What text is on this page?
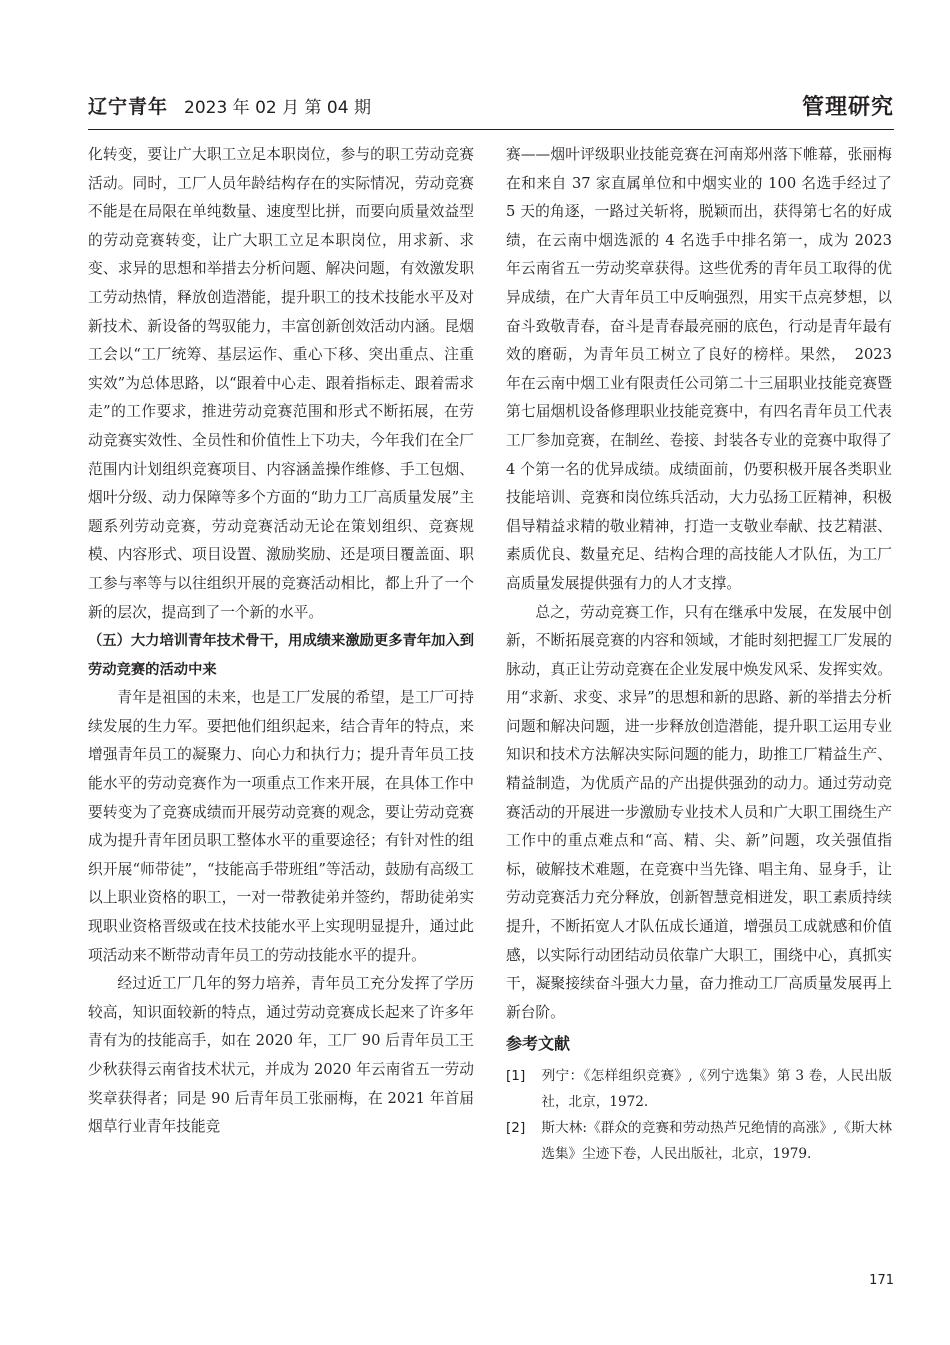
辽宁青年 2023 年 02 月 第 04 期	管理研究

化转变，要让广大职工立足本职岗位，参与的职工劳动竞赛活动。同时，工厂人员年龄结构存在的实际情况，劳动竞赛不能是在局限在单纯数量、速度型比拼，而要向质量效益型的劳动竞赛转变，让广大职工立足本职岗位，用求新、求变、求异的思想和举措去分析问题、解决问题，有效激发职工劳动热情，释放创造潜能，提升职工的技术技能水平及对新技术、新设备的驾驭能力，丰富创新创效活动内涵。昆烟工会以“工厂统筹、基层运作、重心下移、突出重点、注重实效”为总体思路，以“跟着中心走、跟着指标走、跟着需求走”的工作要求，推进劳动竞赛范围和形式不断拓展，在劳动竞赛实效性、全员性和价值性上下功夫，今年我们在全厂范围内计划组织竞赛项目、内容涵盖操作维修、手工包烟、烟叶分级、动力保障等多个方面的“助力工厂高质量发展”主题系列劳动竞赛，劳动竞赛活动无论在策划组织、竞赛规模、内容形式、项目设置、激励奖励、还是项目覆盖面、职工参与率等与以往组织开展的竞赛活动相比，都上升了一个新的层次，提高到了一个新的水平。

（五）大力培训青年技术骨干，用成绩来激励更多青年加入到劳动竞赛的活动中来

青年是祖国的未来，也是工厂发展的希望，是工厂可持续发展的生力军。要把他们组织起来，结合青年的特点，来增强青年员工的凝聚力、向心力和执行力；提升青年员工技能水平的劳动竞赛作为一项重点工作来开展，在具体工作中要转变为了竞赛成绩而开展劳动竞赛的观念，要让劳动竞赛成为提升青年团员职工整体水平的重要途径；有针对性的组织开展“师带徒”，“技能高手带班组”等活动，鼓励有高级工以上职业资格的职工，一对一带教徒弟并签约，帮助徒弟实现职业资格晋级或在技术技能水平上实现明显提升，通过此项活动来不断带动青年员工的劳动技能水平的提升。

经过近工厂几年的努力培养，青年员工充分发挥了学历较高，知识面较新的特点，通过劳动竞赛成长起来了许多年青有为的技能高手，如在 2020 年，工厂 90 后青年员工王少秋获得云南省技术状元，并成为 2020 年云南省五一劳动奖章获得者；同是 90 后青年员工张丽梅，在 2021 年首届烟草行业青年技能竞

赛——烟叶评级职业技能竞赛在河南郑州落下帷幕，张丽梅在和来自 37 家直属单位和中烟实业的 100 名选手经过了 5 天的角逐，一路过关斩将，脱颖而出，获得第七名的好成绩，在云南中烟选派的 4 名选手中排名第一，成为 2023 年云南省五一劳动奖章获得。这些优秀的青年员工取得的优异成绩，在广大青年员工中反响强烈，用实干点亮梦想，以奋斗致敬青春，奋斗是青春最亮丽的底色，行动是青年最有效的磨砺，为青年员工树立了良好的榜样。果然，　2023 年在云南中烟工业有限责任公司第二十三届职业技能竞赛暨第七届烟机设备修理职业技能竞赛中，有四名青年员工代表工厂参加竞赛，在制丝、卷接、封装各专业的竞赛中取得了 4 个第一名的优异成绩。成绩面前，仍要积极开展各类职业技能培训、竞赛和岗位练兵活动，大力弘扬工匠精神，积极倡导精益求精的敬业精神，打造一支敬业奉献、技艺精湛、素质优良、数量充足、结构合理的高技能人才队伍，为工厂高质量发展提供强有力的人才支撑。

总之，劳动竞赛工作，只有在继承中发展，在发展中创新，不断拓展竞赛的内容和领域，才能时刻把握工厂发展的脉动，真正让劳动竞赛在企业发展中焕发风采、发挥实效。用“求新、求变、求异”的思想和新的思路、新的举措去分析问题和解决问题，进一步释放创造潜能，提升职工运用专业知识和技术方法解决实际问题的能力，助推工厂精益生产、精益制造，为优质产品的产出提供强劲的动力。通过劳动竞赛活动的开展进一步激励专业技术人员和广大职工围绕生产工作中的重点难点和“高、精、尖、新”问题，攻关强值指标，破解技术难题，在竞赛中当先锋、唱主角、显身手，让劳动竞赛活力充分释放，创新智慧竞相迸发，职工素质持续提升，不断拓宽人才队伍成长通道，增强员工成就感和价值感，以实际行动团结动员依靠广大职工，围绕中心，真抓实干，凝聚接续奋斗强大力量，奋力推动工厂高质量发展再上新台阶。

参考文献

[1] 列宁：《怎样组织竞赛》,《列宁选集》第 3 卷，人民出版社，北京，1972.

[2] 斯大林:《群众的竞赛和劳动热芦兄绝情的高涨》,《斯大林选集》尘迹下卷，人民出版社，北京，1979.

171
